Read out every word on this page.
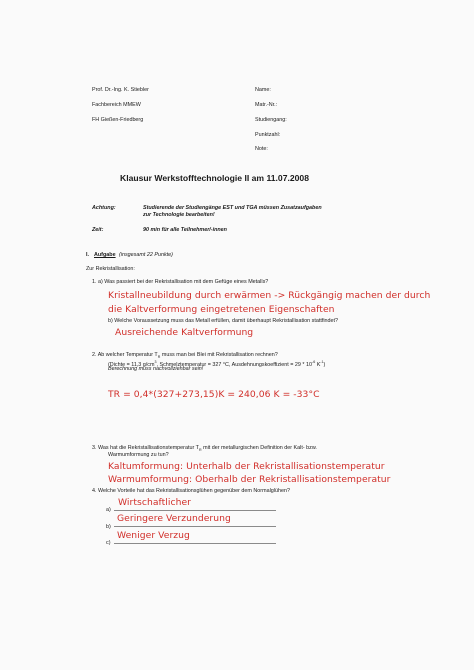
Prof. Dr.-Ing. K. Stiebler
Fachbereich MMEW
FH Gießen-Friedberg
Name:
Matr.-Nr.:
Studiengang:
Punktzahl:
Note:
Klausur Werkstofftechnologie II am 11.07.2008
Achtung:	Studierende der Studiengänge EST und TGA müssen Zusatzaufgaben
zur Technologie bearbeiten!
Zeit:	90 min für alle Teilnehmer/-innen
I. Aufgabe (insgesamt 22 Punkte)
Zur Rekristallisation:
1. a) Was passiert bei der Rekristallisation mit dem Gefüge eines Metalls?
Kristallneubildung durch erwärmen -> Rückgängig machen der durch
die Kaltverformung eingetretenen Eigenschaften
b) Welche Voraussetzung muss das Metall erfüllen, damit überhaupt Rekristallisation stattfindet?
Ausreichende Kaltverformung
2. Ab welcher Temperatur $T_R$ muss man bei Blei mit Rekristallisation rechnen?
(Dichte = 11,3 $g/cm^3$, Schmelztemperatur = 327 °C, Ausdehnungskoeffizient = $29 * 10^{-6}$ $K^{-1}$)
Berechnung muss nachvollziehbar sein!
TR = 0,4*(327+273,15)K = 240,06 K = -33°C
3. Was hat die Rekristallisationstemperatur $T_R$ mit der metallurgischen Definition der Kalt- bzw.
Warmumformung zu tun?
Kaltumformung: Unterhalb der Rekristallisationstemperatur
Warmumformung: Oberhalb der Rekristallisationstemperatur
4. Welche Vorteile hat das Rekristallisationsglühen gegenüber dem Normalglühen?
a)
Wirtschaftlicher
b)
Geringere Verzunderung
c)
Weniger Verzug
